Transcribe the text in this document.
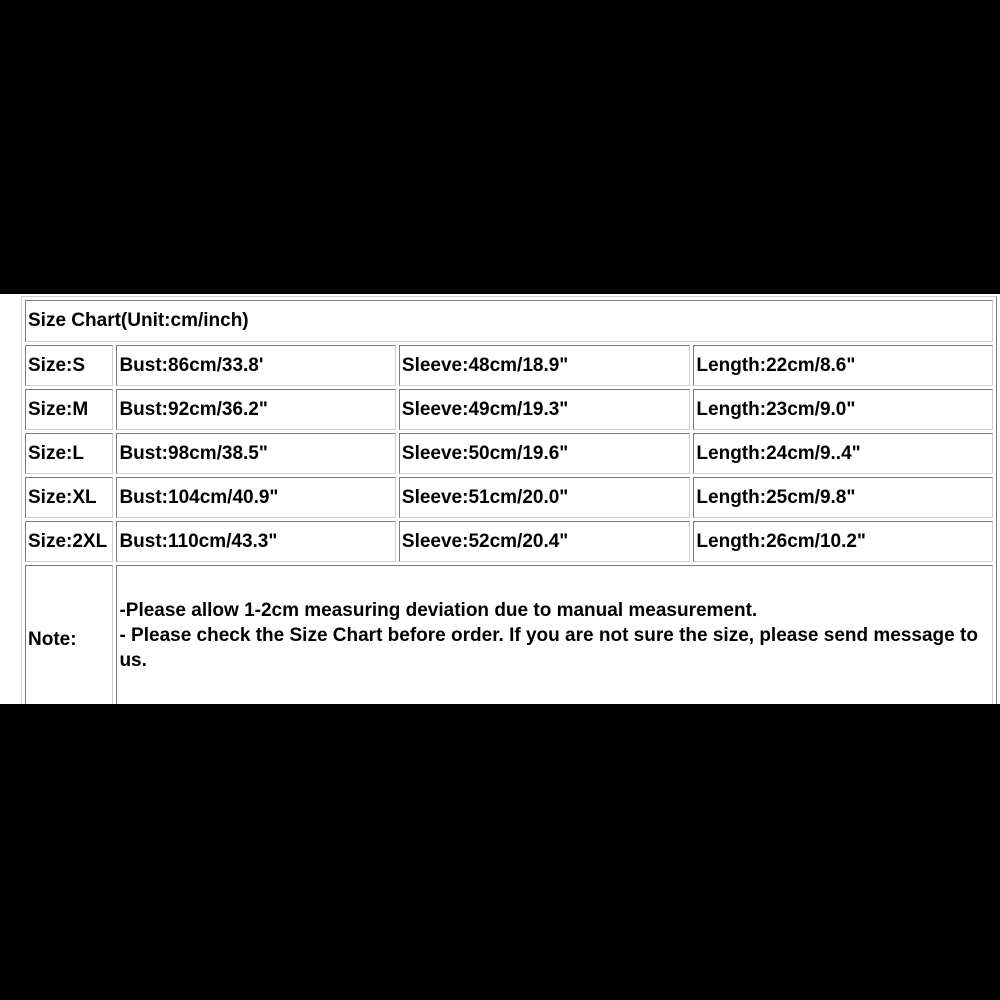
Size Chart(Unit:cm/inch)			
Size:S	Bust:86cm/33.8'	Sleeve:48cm/18.9"	Length:22cm/8.6"
Size:M	Bust:92cm/36.2"	Sleeve:49cm/19.3"	Length:23cm/9.0"
Size:L	Bust:98cm/38.5"	Sleeve:50cm/19.6"	Length:24cm/9..4"
Size:XL	Bust:104cm/40.9"	Sleeve:51cm/20.0"	Length:25cm/9.8"
Size:2XL	Bust:110cm/43.3"	Sleeve:52cm/20.4"	Length:26cm/10.2"
Note:	-Please allow 1-2cm measuring deviation due to manual measurement.
- Please check the Size Chart before order. If you are not sure the size, please send message to us.		
